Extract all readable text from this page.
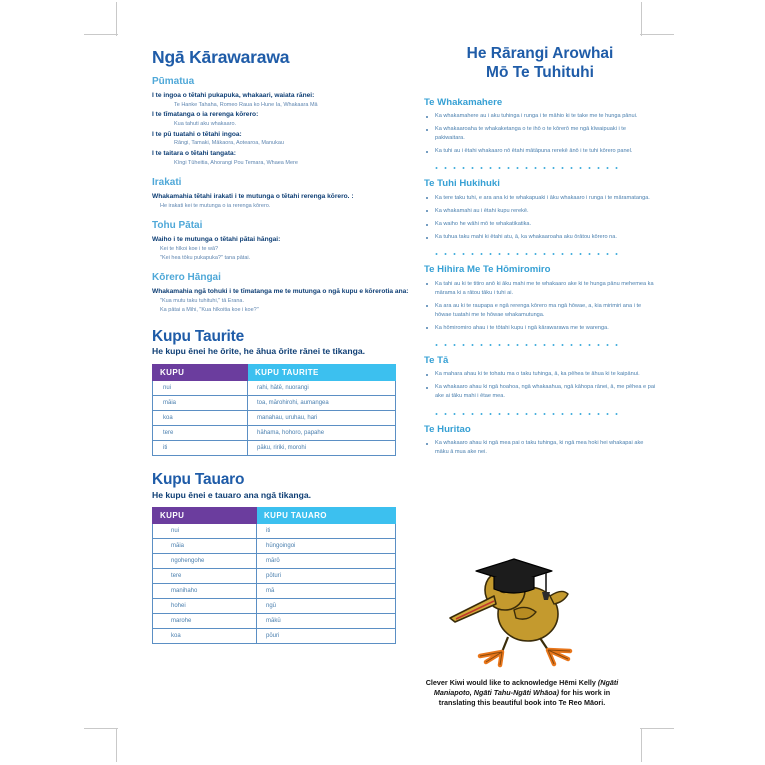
Ngā Kārawarawa
Pūmatua

I te ingoa o tētahi pukapuka, whakaari, waiata rānei:

Te Hanke Tahaha, Romeo Raua ko Hune Ia, Whakaara Mā

I te tīmatanga o ia rerenga kōrero:

Kua tahuti aku whakaaro.

I te pū tuatahi o tētahi ingoa:

Rāngi, Tamaki, Mākaora, Aotearoa, Manukau

I te taitara o tētahi tangata:

Kīngi Tūheitia, Ahorangi Pou Temara, Whaea Mere

Irakati

Whakamahia tētahi irakati i te mutunga o tētahi rerenga kōrero. :

He irakati kei te mutunga o ia rerenga kōrero.

Tohu Pātai

Waiho i te mutunga o tētahi pātai hāngai:

Kei te hīkoi koe i te wā?

"Kei hea tōku pukapuka?" tana pātai.

Kōrero Hāngai

Whakamahia ngā tohuki i te tīmatanga me te mutunga o ngā kupu e kōrerotia ana:

"Kua mutu taku tuhituhi," tā Erana.

Ka pātai a Mihi, "Kua hīkoitia koe i koe?"

Kupu Taurite

He kupu ēnei he ōrite, he āhua ōrite rānei te tikanga.

KUPU	KUPU TAURITE
nui	rahi, hātē, nuorangi
māia	toa, mārohirohi, aumangea
koa	manahau, uruhau, hari
tere	hāhama, hohoro, papahe
iti	pāku, ririki, morohi
Kupu Tauaro

He kupu ēnei e tauaro ana ngā tikanga.

KUPU	KUPU TAUARO
nui	iti
māia	hūngoingoi
ngohengohe	mārō
tere	pōturi
manihaho	mā
hohei	ngū
marohe	mākū
koa	pōuri
He Rārangi Arowhai
Mō Te Tuhituhi
Te Whakamahere
Ka whakamahere au i aku tuhinga i runga i te māhio ki te take me te hunga pānui.
Ka whakaaroaha te whakaketanga o te ihō o te kōrerō me ngā kīwaipuaki i te pakiwaitara.
Ka tuhi au i ētahi whakaaro nō ētahi mātāpuna rerekē ānō i te tuhi kōrero panel.
Te Tuhi Hukihuki
Ka tere taku tuhi, e ara ana ki te whakapuaki i āku whakaaro i runga i te māramatanga.
Ka whakamahi au i ētahi kupu rerekē.
Ka waiho he wāhi mō te whakatikatika.
Ka tuhua taku mahi ki ētahi atu, ā, ka whakaaroaha aku ōrātou kōrero na.
Te Hihira Me Te Hōmiromiro
Ka tahi au ki te titiro anō ki āku mahi me te whakaaro ake ki te hunga pānu mehemea ka mārama ki a rātou tāku i tuhi ai.
Ka ara au ki te raupapa e ngā rerenga kōrero ma ngā hōwae, a, kia mirimiri ana i te hōwae tuatahi me te hōwae whakamutunga.
Ka hōmiromiro ahau i te tōtahi kupu i ngā kārawarawa me te warenga.
Te Tā
Ka mahara ahau ki te tohatu ma o taku tuhinga, ā, ka pēhea te āhua ki te kaipānui.
Ka whakaaro ahau ki ngā hoahoa, ngā whakaahua, ngā kāhopa rānei, ā, me pēhea e pai ake ai tāku mahi i ētae mea.
Te Huritao
Ka whakaaro ahau ki ngā mea pai o taku tuhinga, ki ngā mea hoki hei whakapai ake māku ā mua ake nei.

Clever Kiwi would like to acknowledge Hēmi Kelly (Ngāti Maniapoto, Ngāti Tahu-Ngāti Whāoa) for his work in translating this beautiful book into Te Reo Māori.
